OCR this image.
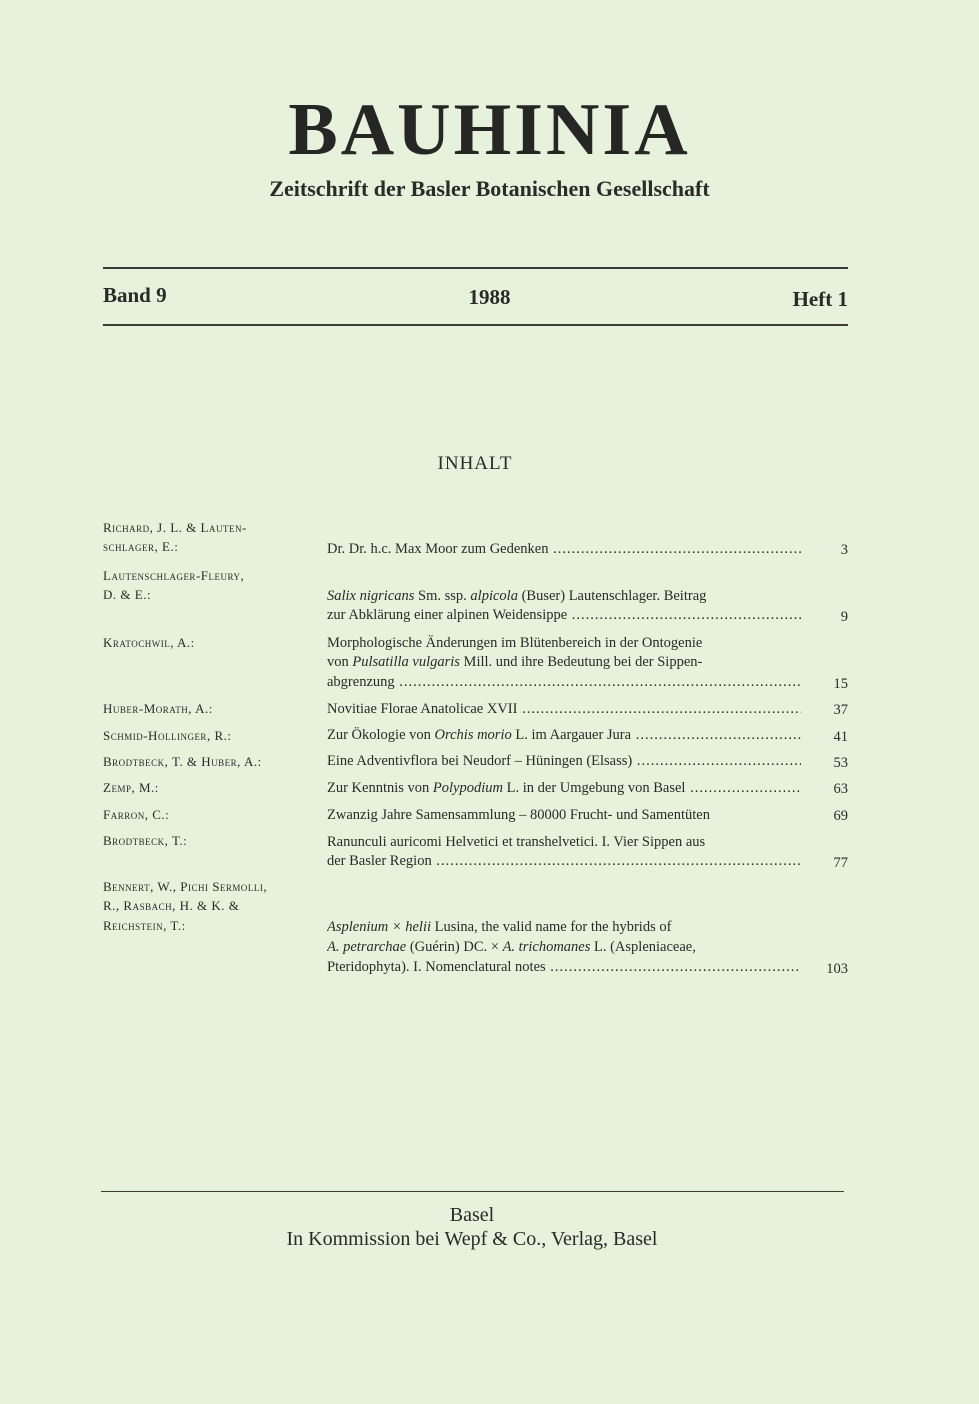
BAUHINIA
Zeitschrift der Basler Botanischen Gesellschaft
Band 9	1988	Heft 1
INHALT
Richard, J. L. & Lauten-
schlager, E.:	Dr. Dr. h.c. Max Moor zum Gedenken .....	3
Lautenschlager-Fleury,
D. & E.:	Salix nigricans Sm. ssp. alpicola (Buser) Lautenschlager. Beitrag
zur Abklärung einer alpinen Weidensippe .....	9
Kratochwil, A.:	Morphologische Änderungen im Blütenbereich in der Ontogenie
von Pulsatilla vulgaris Mill. und ihre Bedeutung bei der Sippen-
abgrenzung .....	15
Huber-Morath, A.:	Novitiae Florae Anatolicae XVII .....	37
Schmid-Hollinger, R.:	Zur Ökologie von Orchis morio L. im Aargauer Jura .....	41
Brodtbeck, T. & Huber, A.:	Eine Adventivflora bei Neudorf – Hüningen (Elsass) .....	53
Zemp, M.:	Zur Kenntnis von Polypodium L. in der Umgebung von Basel .....	63
Farron, C.:	Zwanzig Jahre Samensammlung – 80000 Frucht- und Samentüten	69
Brodtbeck, T.:	Ranunculi auricomi Helvetici et transhelvetici. I. Vier Sippen aus
der Basler Region .....	77
Bennert, W., Pichi Sermolli,
R., Rasbach, H. & K. &
Reichstein, T.:	Asplenium × helii Lusina, the valid name for the hybrids of
A. petrarchae (Guérin) DC. × A. trichomanes L. (Aspleniaceae,
Pteridophyta). I. Nomenclatural notes .....	103
Basel
In Kommission bei Wepf & Co., Verlag, Basel
